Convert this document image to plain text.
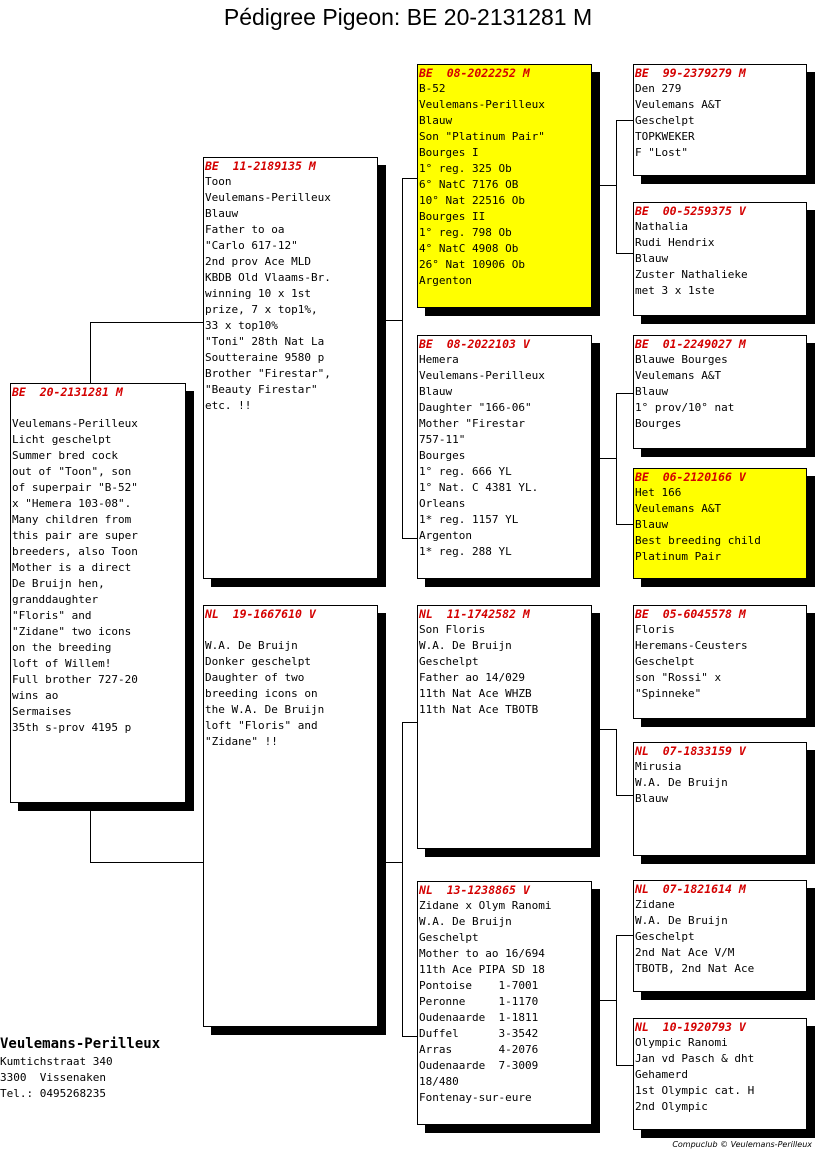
Pédigree Pigeon: BE 20-2131281 M
BE  20-2131281 M

Veulemans-Perilleux
Licht geschelpt
Summer bred cock
out of "Toon", son
of superpair "B-52"
x "Hemera 103-08".
Many children from
this pair are super
breeders, also Toon
Mother is a direct
De Bruijn hen,
granddaughter
"Floris" and
"Zidane" two icons
on the breeding
loft of Willem!
Full brother 727-20
wins ao
Sermaises
35th s-prov 4195 p
BE  11-2189135 M
Toon
Veulemans-Perilleux
Blauw
Father to oa
"Carlo 617-12"
2nd prov Ace MLD
KBDB Old Vlaams-Br.
winning 10 x 1st
prize, 7 x top1%,
33 x top10%
"Toni" 28th Nat La
Soutteraine 9580 p
Brother "Firestar",
"Beauty Firestar"
etc. !!
NL  19-1667610 V

W.A. De Bruijn
Donker geschelpt
Daughter of two
breeding icons on
the W.A. De Bruijn
loft "Floris" and
"Zidane" !!
BE  08-2022252 M
B-52
Veulemans-Perilleux
Blauw
Son "Platinum Pair"
Bourges I
1° reg. 325 Ob
6° NatC 7176 OB
10° Nat 22516 Ob
Bourges II
1° reg. 798 Ob
4° NatC 4908 Ob
26° Nat 10906 Ob
Argenton
BE  08-2022103 V
Hemera
Veulemans-Perilleux
Blauw
Daughter "166-06"
Mother "Firestar
757-11"
Bourges
1° reg. 666 YL
1° Nat. C 4381 YL.
Orleans
1* reg. 1157 YL
Argenton
1* reg. 288 YL
NL  11-1742582 M
Son Floris
W.A. De Bruijn
Geschelpt
Father ao 14/029
11th Nat Ace WHZB
11th Nat Ace TBOTB
NL  13-1238865 V
Zidane x Olym Ranomi
W.A. De Bruijn
Geschelpt
Mother to ao 16/694
11th Ace PIPA SD 18
Pontoise    1-7001
Peronne     1-1170
Oudenaarde  1-1811
Duffel      3-3542
Arras       4-2076
Oudenaarde  7-3009
18/480
Fontenay-sur-eure
BE  99-2379279 M
Den 279
Veulemans A&T
Geschelpt
TOPKWEKER
F "Lost"
BE  00-5259375 V
Nathalia
Rudi Hendrix
Blauw
Zuster Nathalieke
met 3 x 1ste
BE  01-2249027 M
Blauwe Bourges
Veulemans A&T
Blauw
1° prov/10° nat
Bourges
BE  06-2120166 V
Het 166
Veulemans A&T
Blauw
Best breeding child
Platinum Pair
BE  05-6045578 M
Floris
Heremans-Ceusters
Geschelpt
son "Rossi" x
"Spinneke"
NL  07-1833159 V
Mirusia
W.A. De Bruijn
Blauw
NL  07-1821614 M
Zidane
W.A. De Bruijn
Geschelpt
2nd Nat Ace V/M
TBOTB, 2nd Nat Ace
NL  10-1920793 V
Olympic Ranomi
Jan vd Pasch & dht
Gehamerd
1st Olympic cat. H
2nd Olympic
Veulemans-Perilleux
Kumtichstraat 340
3300  Vissenaken
Tel.: 0495268235
Compuclub © Veulemans-Perilleux
